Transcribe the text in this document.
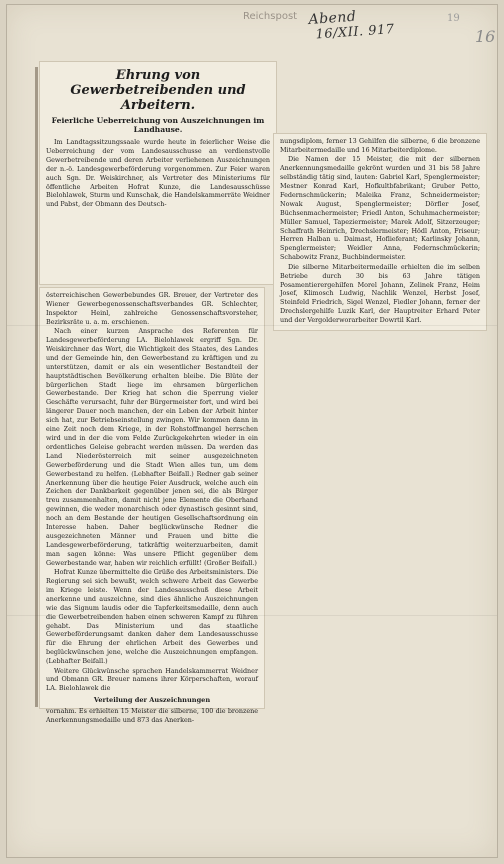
Reichspost Abend
16/XII. 917
19
16
Ehrung von Gewerbetreibenden und Arbeitern.
Feierliche Ueberreichung von Auszeichnungen im Landhause.

Im Landtagssitzungssaale wurde heute in feierlicher Weise die Ueberreichung der vom Landesausschusse an verdienstvolle Gewerbetreibende und deren Arbeiter verliehenen Auszeichnungen der n.-ö. Landesgewerbeförderung vorgenommen. Zur Feier waren auch Sgn. Dr. Weiskirchner, als Vertreter des Ministeriums für öffentliche Arbeiten Hofrat Kunze, die Landesausschüsse Bielohlawek, Sturm und Kunschak, die Handelskammerräte Weidner und Pabst, der Obmann des Deutsch-

nungsdiplom, ferner 13 Gehilfen die silberne, 6 die bronzene Mitarbeitermedaille und 16 Mitarbeiterdiplome.

Die Namen der 15 Meister, die mit der silbernen Anerkennungsmedaille gekrönt wurden und 31 bis 58 Jahre selbständig tätig sind, lauten: Gabriel Karl, Spenglermeister; Mestner Konrad Karl, Hofkultbfabrikant; Gruber Petto, Federnschmückerin; Maleika Franz, Schneidermeister; Nowak August, Spenglermeister; Dörfler Josef, Büchsenmachermeister; Friedl Anton, Schuhmachermeister; Müller Samuel, Tapeziermeister; Marek Adolf, Sitzerzeuger; Schaffrath Heinrich, Drechslermeister; Hödl Anton, Friseur; Herren Halban u. Daimast, Hoflieferant; Karlinsky Johann, Spenglermeister; Weidler Anna, Federnschmückerin; Schabowitz Franz, Buchbindermeister.

Die silberne Mitarbeitermedaille erhielten die im selben Betriebe durch 30 bis 63 Jahre tätigen Posamentierergehilfen Morel Johann, Zelinek Franz, Heim Josef, Klimosch Ludwig, Nachlik Wenzel, Herbst Josef, Steinfeld Friedrich, Sigel Wenzel, Fiedler Johann, ferner der Drechslergehilfe Luzik Karl, der Hauptreiter Erhard Peter und der Vergolderworarbeiter Dowrtil Karl.

österreichischen Gewerbebundes GR. Breuer, der Vertreter des Wiener Gewerbegenossenschaftsverbandes GR. Schlechter, Inspektor Heinl, zahlreiche Genossenschaftsvorsteher, Bezirksräte u. a. m. erschienen.

Nach einer kurzen Ansprache des Referenten für Landesgewerbeförderung LA. Bielohlawek ergriff Sgn. Dr. Weiskirchner das Wort, die Wichtigkeit des Staates, des Landes und der Gemeinde hin, den Gewerbestand zu kräftigen und zu unterstützen, damit er als ein wesentlicher Bestandteil der hauptstädtischen Bevölkerung erhalten bleibe. Die Blüte der bürgerlichen Stadt liege im ehrsamen bürgerlichen Gewerbestande. Der Krieg hat schon die Sperrung vieler Geschäfte verursacht, fuhr der Bürgermeister fort, und wird bei längerer Dauer noch manchen, der ein Leben der Arbeit hinter sich hat, zur Betriebseinstellung zwingen. Wir kommen dann in eine Zeit noch dem Kriege, in der Rohstoffmangel herrschen wird und in der die vom Felde Zurückgekehrten wieder in ein ordentliches Geleise gebracht werden müssen. Da werden das Land Niederösterreich mit seiner ausgezeichneten Gewerbeförderung und die Stadt Wien alles tun, um dem Gewerbestand zu helfen. (Lebhafter Beifall.) Redner gab seiner Anerkennung über die heutige Feier Ausdruck, welche auch ein Zeichen der Dankbarkeit gegenüber jenen sei, die als Bürger treu zusammenhalten, damit nicht jene Elemente die Oberhand gewinnen, die weder monarchisch oder dynastisch gesinnt sind, noch an dem Bestande der heutigen Gesellschaftsordnung ein Interesse haben. Daher beglückwünsche Redner die ausgezeichneten Männer und Frauen und bitte die Landesgewerbeförderung, tatkräftig weiterzuarbeiten, damit man sagen könne: Was unsere Pflicht gegenüber dem Gewerbestande war, haben wir reichlich erfüllt! (Großer Beifall.)

Hofrat Kunze übermittelte die Grüße des Arbeitsministers. Die Regierung sei sich bewußt, welch schwere Arbeit das Gewerbe im Kriege leiste. Wenn der Landesausschuß diese Arbeit anerkenne und auszeichne, sind dies ähnliche Auszeichnungen wie das Signum laudis oder die Tapferkeitsmedaille, denn auch die Gewerbetreibenden haben einen schweren Kampf zu führen gehabt. Das Ministerium und das staatliche Gewerbeförderungsamt danken daher dem Landesausschusse für die Ehrung der ehrlichen Arbeit des Gewerbes und beglückwünschen jene, welche die Auszeichnungen empfangen. (Lebhafter Beifall.)

Weitere Glückwünsche sprachen Handelskammerrat Weidner und Obmann GR. Breuer namens ihrer Körperschaften, worauf LA. Bielohlawek die

Verteilung der Auszeichnungen

vornahm. Es erhielten 15 Meister die silberne, 100 die bronzene Anerkennungsmedaille und 873 das Anerken-
